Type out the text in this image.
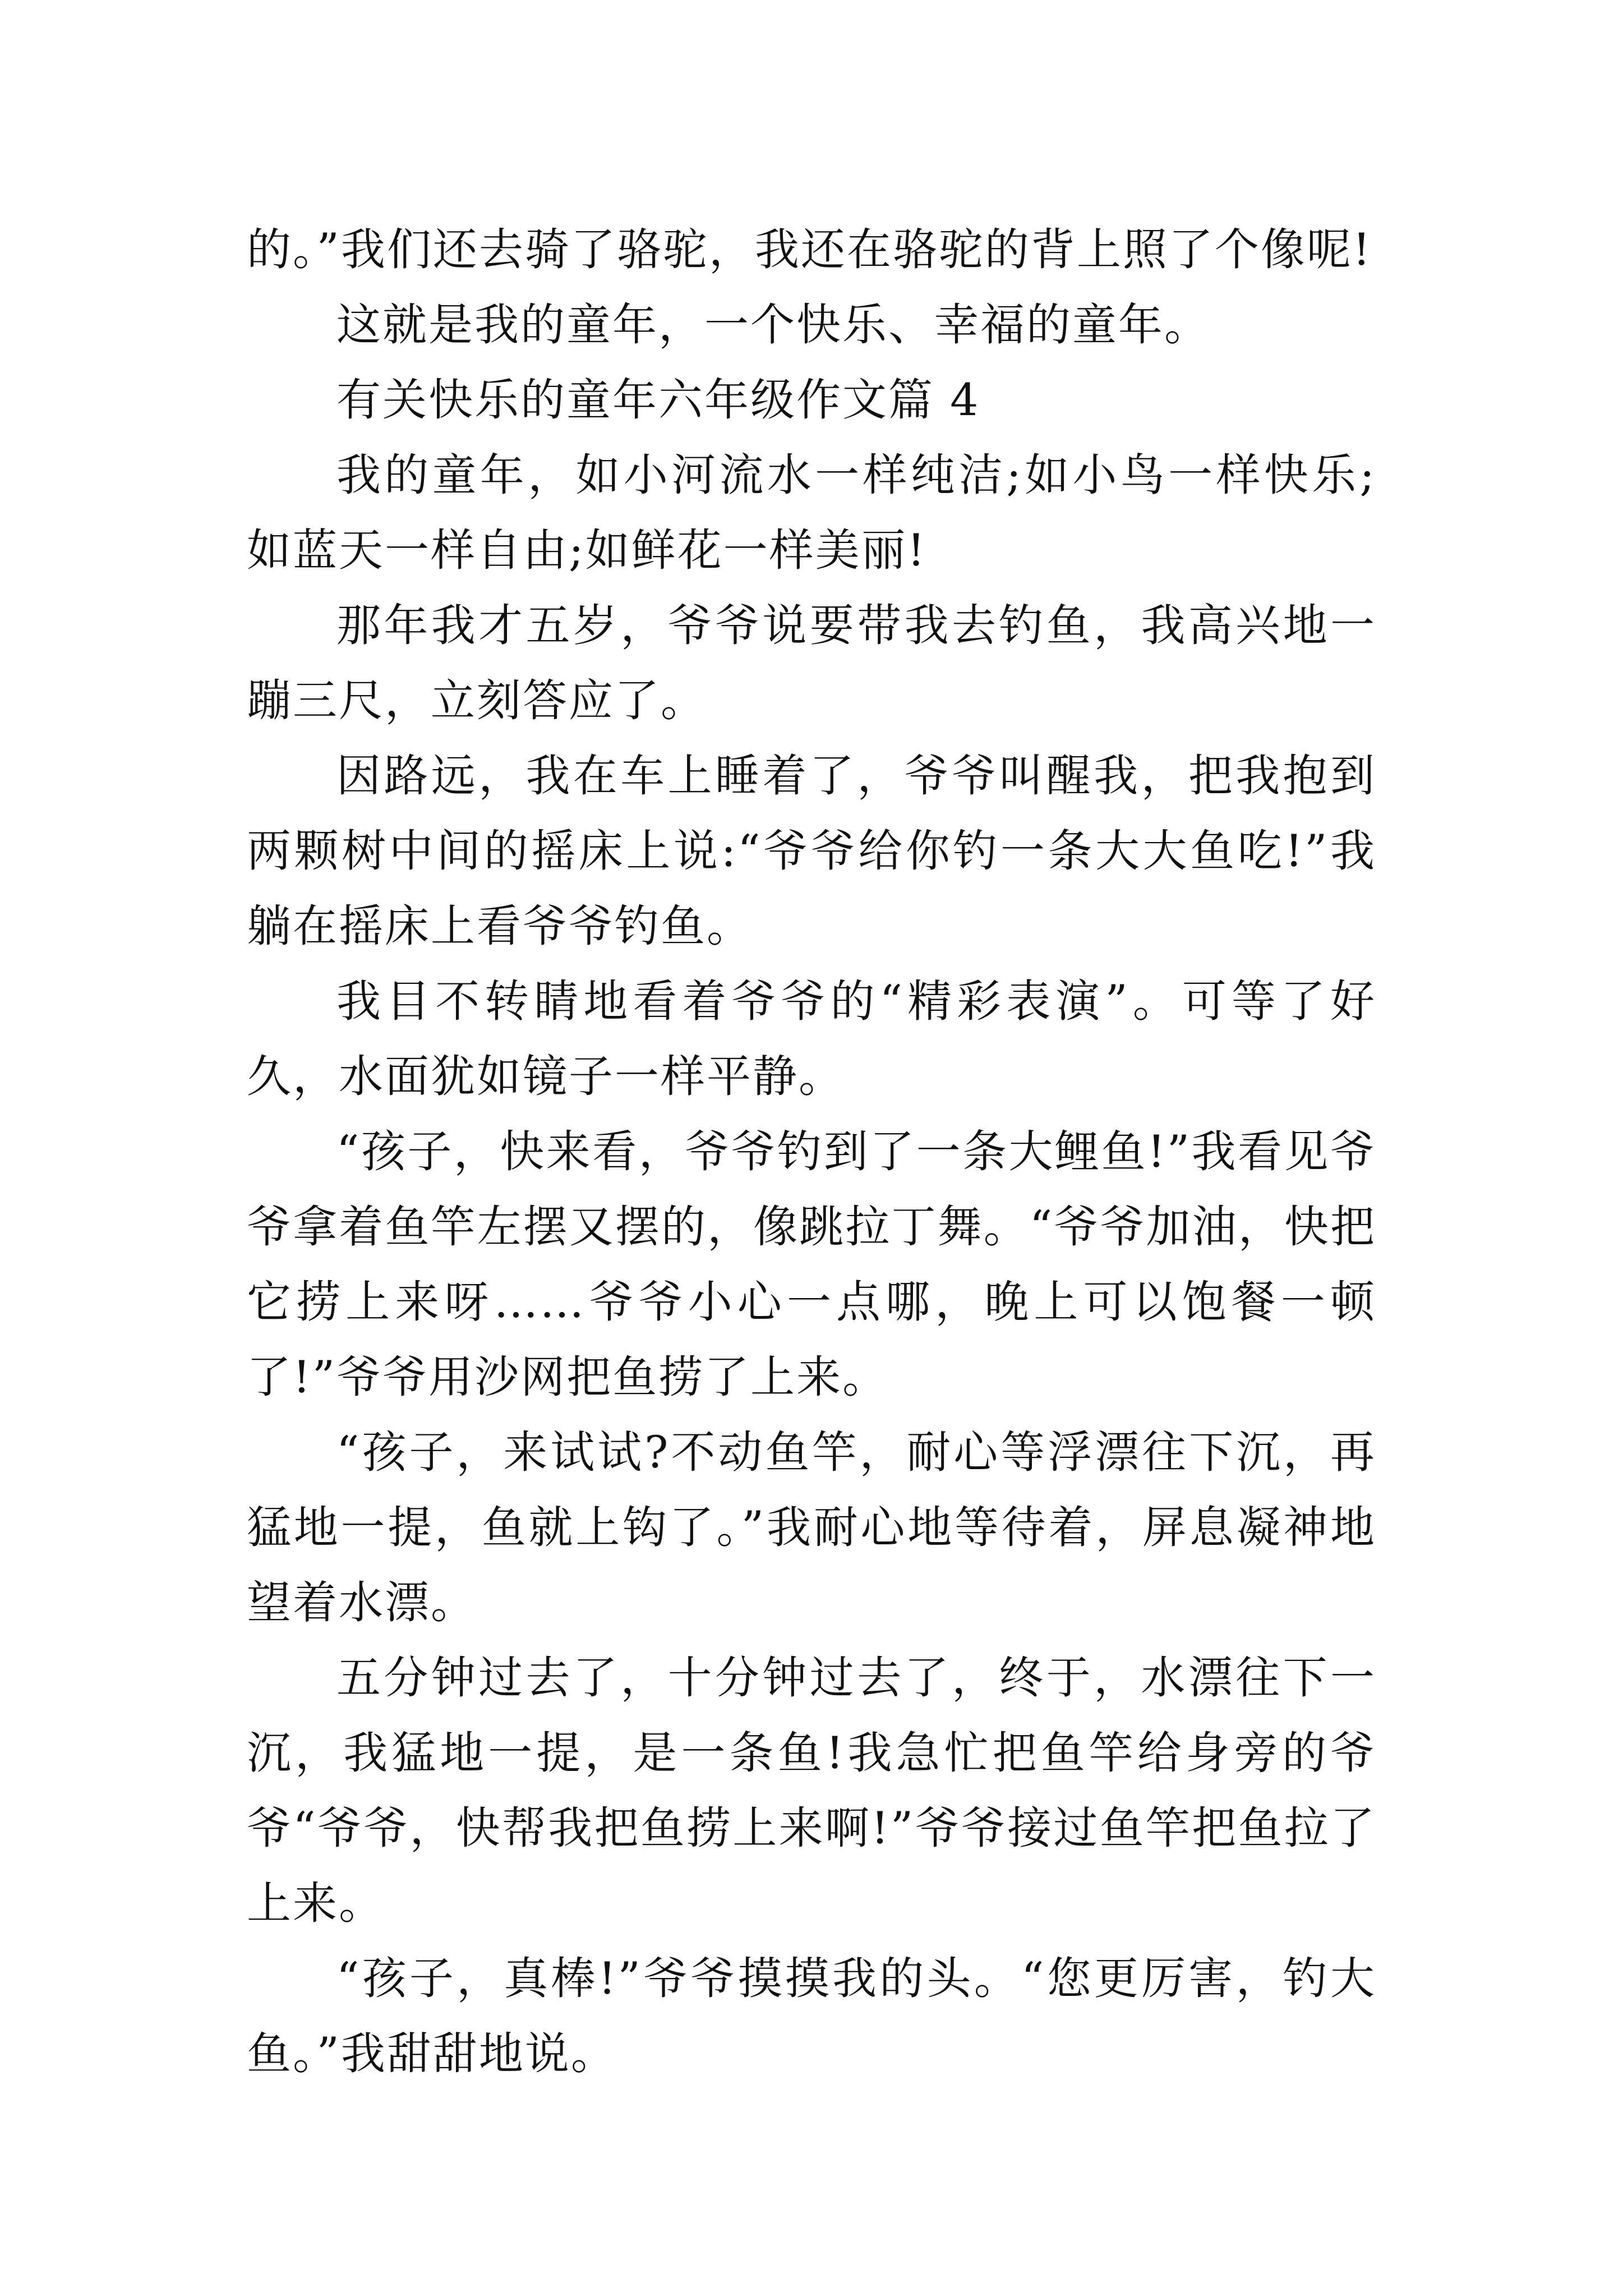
的。”我们还去骑了骆驼，我还在骆驼的背上照了个像呢!

这就是我的童年，一个快乐、幸福的童年。

有关快乐的童年六年级作文篇 4

我的童年，如小河流水一样纯洁;如小鸟一样快乐;如蓝天一样自由;如鲜花一样美丽!

那年我才五岁，爷爷说要带我去钓鱼，我高兴地一蹦三尺，立刻答应了。

因路远，我在车上睡着了，爷爷叫醒我，把我抱到两颗树中间的摇床上说:“爷爷给你钓一条大大鱼吃!”我躺在摇床上看爷爷钓鱼。

我目不转睛地看着爷爷的“精彩表演”。可等了好久，水面犹如镜子一样平静。

“孩子，快来看，爷爷钓到了一条大鲤鱼!”我看见爷爷拿着鱼竿左摆又摆的，像跳拉丁舞。“爷爷加油，快把它捞上来呀……爷爷小心一点哪，晚上可以饱餐一顿了!”爷爷用沙网把鱼捞了上来。

“孩子，来试试?不动鱼竿，耐心等浮漂往下沉，再猛地一提，鱼就上钩了。”我耐心地等待着，屏息凝神地望着水漂。

五分钟过去了，十分钟过去了，终于，水漂往下一沉，我猛地一提，是一条鱼!我急忙把鱼竿给身旁的爷爷“爷爷，快帮我把鱼捞上来啊!”爷爷接过鱼竿把鱼拉了上来。

“孩子，真棒!”爷爷摸摸我的头。“您更厉害，钓大鱼。”我甜甜地说。
